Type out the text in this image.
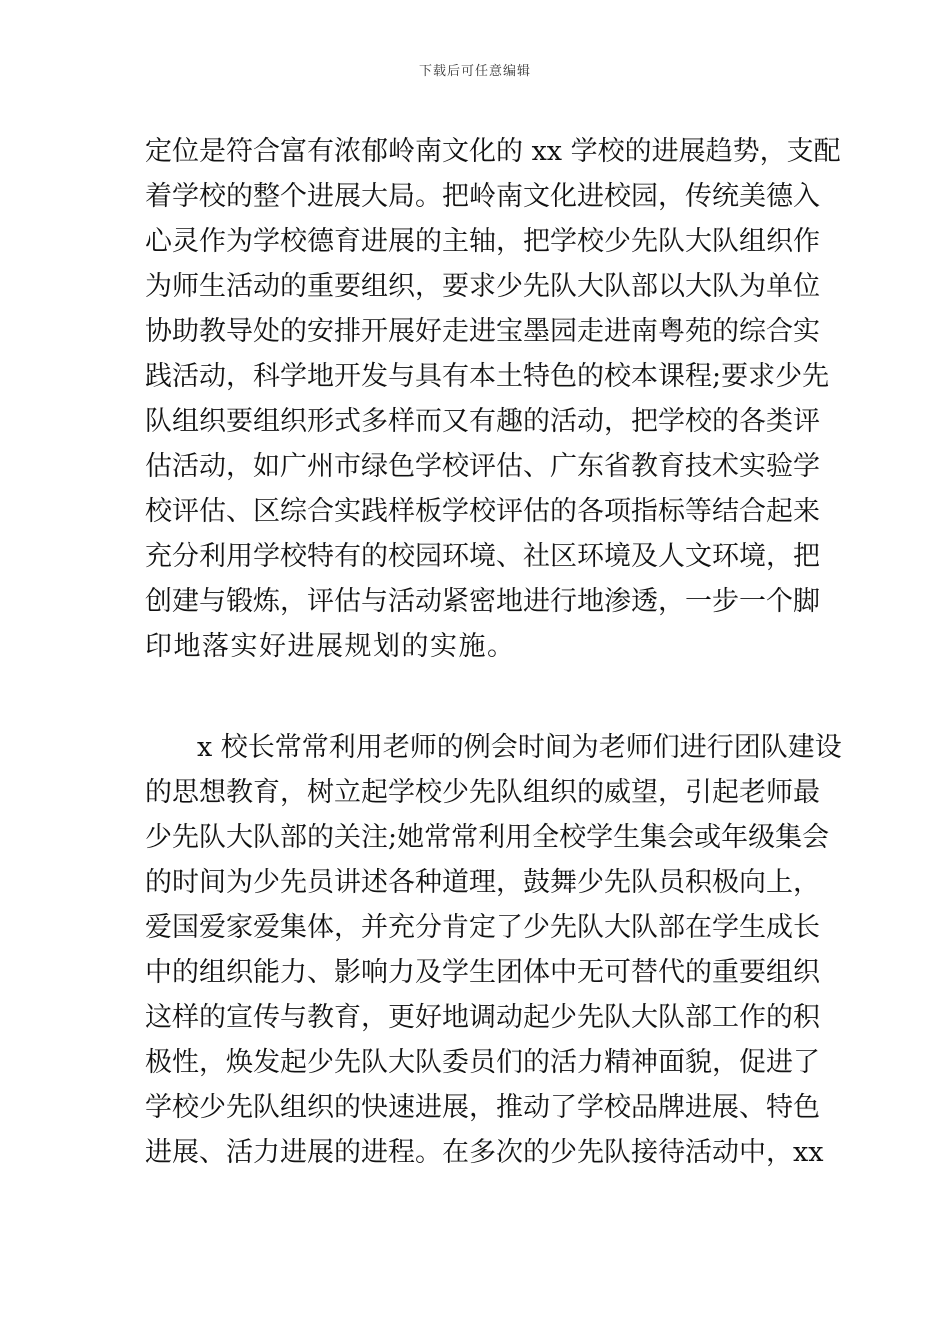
下载后可任意编辑
定位是符合富有浓郁岭南文化的 xx 学校的进展趋势，支配
着学校的整个进展大局。把岭南文化进校园，传统美德入
心灵作为学校德育进展的主轴，把学校少先队大队组织作
为师生活动的重要组织，要求少先队大队部以大队为单位
协助教导处的安排开展好走进宝墨园走进南粤苑的综合实
践活动，科学地开发与具有本土特色的校本课程;要求少先
队组织要组织形式多样而又有趣的活动，把学校的各类评
估活动，如广州市绿色学校评估、广东省教育技术实验学
校评估、区综合实践样板学校评估的各项指标等结合起来
充分利用学校特有的校园环境、社区环境及人文环境，把
创建与锻炼，评估与活动紧密地进行地渗透，一步一个脚
印地落实好进展规划的实施。
x 校长常常利用老师的例会时间为老师们进行团队建设
的思想教育，树立起学校少先队组织的威望，引起老师最
少先队大队部的关注;她常常利用全校学生集会或年级集会
的时间为少先员讲述各种道理，鼓舞少先队员积极向上，
爱国爱家爱集体，并充分肯定了少先队大队部在学生成长
中的组织能力、影响力及学生团体中无可替代的重要组织
这样的宣传与教育，更好地调动起少先队大队部工作的积
极性，焕发起少先队大队委员们的活力精神面貌，促进了
学校少先队组织的快速进展，推动了学校品牌进展、特色
进展、活力进展的进程。在多次的少先队接待活动中，xx
